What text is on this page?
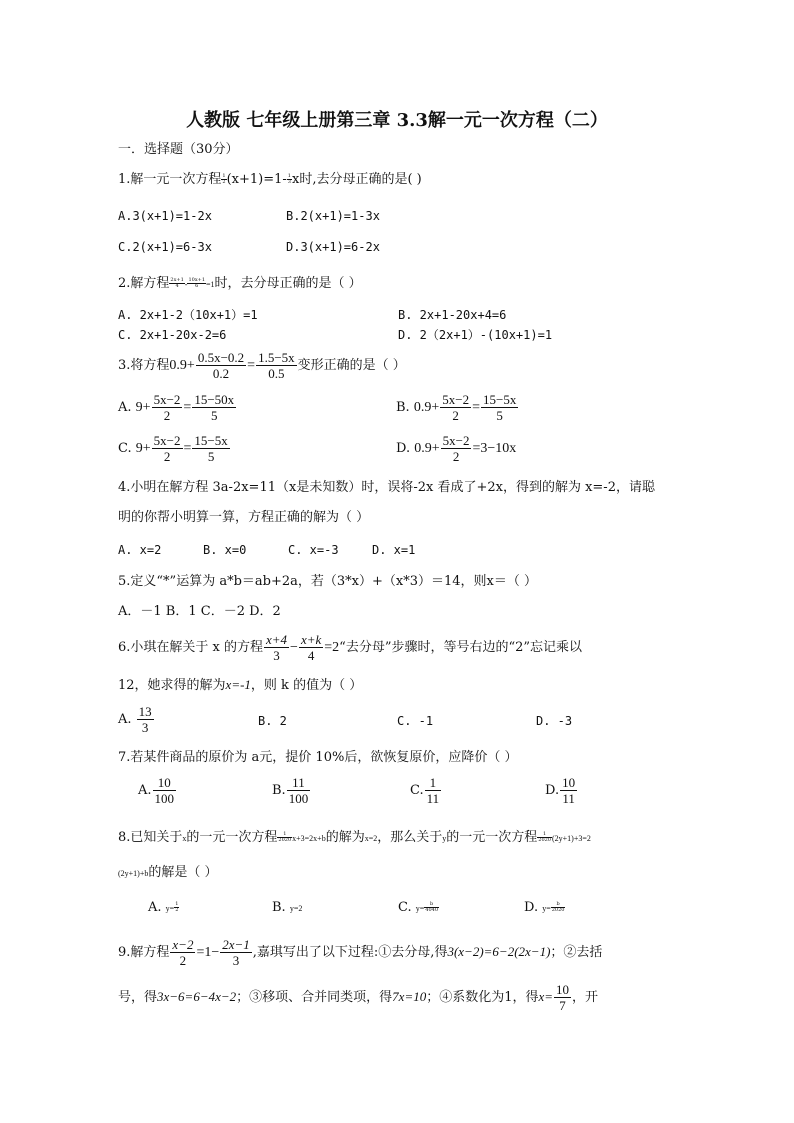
人教版 七年级上册第三章 3.3解一元一次方程（二）
一．选择题（30分）
1.解一元一次方程 $\frac{1}{2} (x+1)=1- \frac{1}{3}$ x时,去分母正确的是( )
A.3(x+1)=1-2x	B.2(x+1)=1-3x
C.2(x+1)=6-3x	D.3(x+1)=6-2x
2.解方程 $\frac{2x+1}{4} - \frac{10x+1}{6} =1$时，去分母正确的是（ ）
A. 2x+1-2（10x+1）=1	B. 2x+1-20x+4=6
C. 2x+1-20x-2=6	D. 2（2x+1）-(10x+1)=1
3.将方程$0.9+ \frac{0.5x-0.2}{0.2} = \frac{1.5-5x}{0.5}$ 变形正确的是（ ）
A. $9+ \frac{5x-2}{2} = \frac{15-50x}{5}$	B. $0.9+ \frac{5x-2}{2} = \frac{15-5x}{5}$
C. $9+ \frac{5x-2}{2} = \frac{15-5x}{5}$	D. $0.9+ \frac{5x-2}{2} =3-10x$
4.小明在解方程 3a-2x=11（x是未知数）时，误将-2x 看成了+2x，得到的解为 x=-2，请聪
明的你帮小明算一算，方程正确的解为（ ）
A. x=2	B. x=0	C. x=-3	D. x=1
5.定义“*”运算为 a*b＝ab+2a，若（3*x）+（x*3）＝14，则x＝（ ）
A．－1 B．1 C．－2 D．2
6.小琪在解关于 x 的方程 $\frac{x+4}{3} - \frac{x+k}{4}$ =2“去分母”步骤时，等号右边的“2”忘记乘以
12，她求得的解为x=-1，则 k 的值为（ ）
A. $\frac{13}{3}$	B. 2	C. -1	D. -3
7.若某件商品的原价为 a元，提价 10%后，欲恢复原价，应降价（ ）
A. $\frac{10}{100}$	B. $\frac{11}{100}$	C. $\frac{1}{11}$	D. $\frac{10}{11}$
8.已知关于x的一元一次方程 $\frac{1}{2020} x+3=2x+b$的解为x=2，那么关于y的一元一次方程 $\frac{1}{2020} (2y+1)+3=2$
(2y+1)+b的解是（ ）
A. $y= \frac{1}{2}$	B. y=2	C. $y= \frac{b}{4040}$	D. $y= \frac{b}{2020}$
9.解方程 $\frac{x-2}{2} =1- \frac{2x-1}{3}$ ,嘉琪写出了以下过程:①去分母,得3(x−2)=6−2(2x−1)；②去括
号，得3x−6=6−4x−2；③移项、合并同类项，得7x=10；④系数化为1，得$x= \frac{10}{7}$ ，开
